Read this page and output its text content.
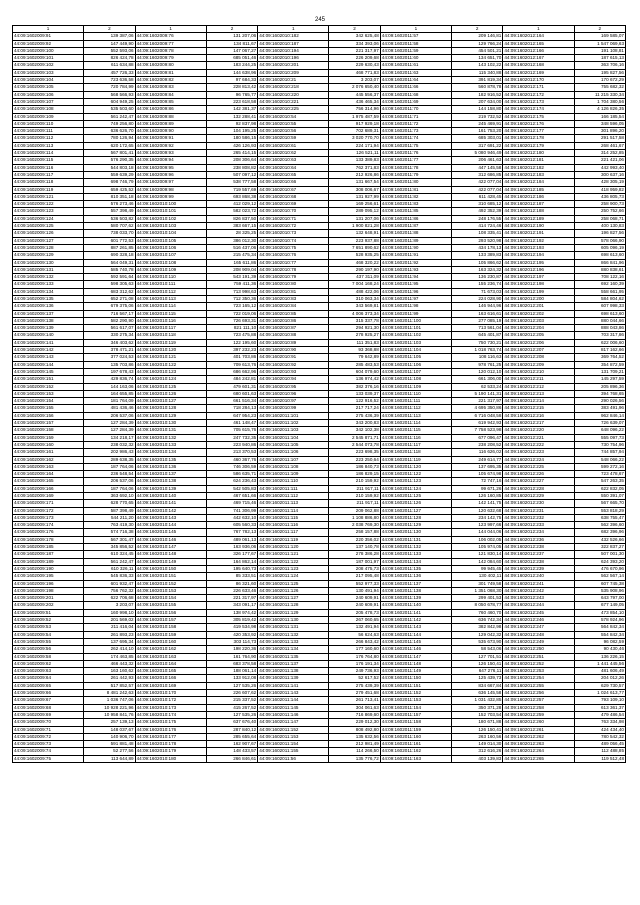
245
1	2	1	2	1	2	1	2	1	2
44:09:1602009:91	139 387,06	44:09:1602009:76	131 207,06	44:09:1602010:182	342 625,48	44:09:1602011:57	209 146,81	44:09:1602012:164	169 585,07
44:09:1602009:92	147 449,90	44:09:1602009:77	134 811,67	44:09:1602010:187	334 393,06	44:09:1602011:58	129 766,24	44:09:1602012:165	1 547 069,63
44:09:1602009:100	552 593,06	44:09:1602009:78	147 067,27	44:09:1602010:194	221 317,97	44:09:1602011:59	454 501,21	44:09:1602012:166	191 108,81
44:09:1602009:101	826 424,78	44:09:1602009:79	685 051,46	44:09:1602010:196	226 209,68	44:09:1602011:60	134 651,70	44:09:1602012:167	187 615,13
44:09:1602009:102	611 634,88	44:09:1602009:80	183 244,25	44:09:1602010:201	229 630,43	44:09:1602011:61	143 102,22	44:09:1602012:168	363 706,16
44:09:1602009:103	457 726,33	44:09:1602009:81	144 638,96	44:09:1602010:209	468 771,83	44:09:1602011:63	115 340,88	44:09:1602012:169	195 827,56
44:09:1602009:104	723 636,58	44:09:1602009:82	97 684,33	44:09:1602010:21	3 203,07	44:09:1602011:64	391 819,34	44:09:1602012:170	170 672,29
44:09:1602009:105	720 784,99	44:09:1602009:83	228 813,42	44:09:1602010:218	2 076 650,40	44:09:1602011:66	560 878,78	44:09:1602012:171	755 682,32
44:09:1602009:106	568 566,93	44:09:1602009:84	96 765,77	44:09:1602010:220	445 556,37	44:09:1602011:68	182 916,52	44:09:1602012:172	11 215 330,34
44:09:1602009:107	604 949,25	44:09:1602009:85	223 618,58	44:09:1602010:221	436 465,34	44:09:1602011:69	207 634,00	44:09:1602012:173	1 704 380,56
44:09:1602009:108	535 503,60	44:09:1602009:86	142 381,37	44:09:1602010:225	756 314,96	44:09:1602011:70	144 158,80	44:09:1602012:174	4 126 826,35
44:09:1602009:109	561 242,47	44:09:1602009:88	132 288,41	44:09:1602010:54	1 975 487,59	44:09:1602011:71	219 732,52	44:09:1602012:175	166 185,54
44:09:1602009:110	749 256,80	44:09:1602009:89	92 837,98	44:09:1602010:55	917 929,18	44:09:1602011:72	245 469,91	44:09:1602012:176	348 596,05
44:09:1602009:111	636 626,70	44:09:1602009:90	104 195,25	44:09:1602010:56	702 689,31	44:09:1602011:73	161 753,20	44:09:1602012:177	301 896,20
44:09:1602009:112	780 126,94	44:09:1602009:91	180 586,15	44:09:1602010:59	3 020 770,70	44:09:1602011:74	685 303,01	44:09:1602012:178	291 517,58
44:09:1602009:113	620 172,65	44:09:1602009:92	426 126,93	44:09:1602010:61	224 171,94	44:09:1602011:75	317 691,22	44:09:1602012:179	268 461,67
44:09:1602009:114	567 801,41	44:09:1602009:93	265 414,15	44:09:1602010:62	126 521,11	44:09:1602011:76	5 080 946,49	44:09:1602012:180	314 252,85
44:09:1602009:115	576 290,35	44:09:1602009:94	208 306,64	44:09:1602010:63	133 389,83	44:09:1602011:77	206 461,63	44:09:1602012:181	221 421,06
44:09:1602009:116	544 803,18	44:09:1602009:95	238 808,82	44:09:1602010:64	762 371,83	44:09:1602011:78	447 145,58	44:09:1602012:182	442 993,40
44:09:1602009:117	559 639,29	44:09:1602009:96	507 097,12	44:09:1602010:65	212 926,86	44:09:1602011:79	312 686,85	44:09:1602012:183	300 637,16
44:09:1602009:118	698 746,79	44:09:1602009:97	538 777,58	44:09:1602010:66	131 667,54	44:09:1602011:80	422 077,04	44:09:1602012:184	428 305,19
44:09:1602009:119	659 425,52	44:09:1602009:98	719 557,69	44:09:1602010:67	308 006,67	44:09:1602011:81	422 077,04	44:09:1602012:185	418 959,82
44:09:1602009:121	810 351,18	44:09:1602009:99	693 868,38	44:09:1602010:68	131 927,99	44:09:1602011:82	611 428,45	44:09:1602012:186	436 805,73
44:09:1602009:122	576 273,46	44:09:1602010:100	412 029,12	44:09:1602010:69	169 256,61	44:09:1602011:83	310 685,12	44:09:1602012:187	258 900,73
44:09:1602009:123	557 398,49	44:09:1602010:101	582 023,72	44:09:1602010:70	289 095,12	44:09:1602011:85	492 352,39	44:09:1602012:188	250 752,66
44:09:1602009:124	536 503,82	44:09:1602010:102	826 837,50	44:09:1602010:71	131 207,06	44:09:1602011:86	248 176,55	44:09:1602012:189	258 068,71
44:09:1602009:125	580 707,62	44:09:1602010:103	383 667,15	44:09:1602010:72	1 900 821,28	44:09:1602011:87	414 724,46	44:09:1602012:190	400 130,83
44:09:1602009:126	738 033,70	44:09:1602010:104	28 325,25	44:09:1602010:73	132 648,91	44:09:1602011:88	108 335,41	44:09:1602012:191	196 827,56
44:09:1602009:127	601 772,53	44:09:1602010:105	386 012,30	44:09:1602010:74	223 937,88	44:09:1602011:89	293 520,98	44:09:1602012:192	578 066,90
44:09:1602009:128	887 261,85	44:09:1602010:106	516 437,06	44:09:1602010:75	7 651 890,62	44:09:1602011:90	434 178,13	44:09:1602012:193	605 096,19
44:09:1602009:129	690 328,18	44:09:1602010:107	215 475,34	44:09:1602010:76	528 935,25	44:09:1602011:91	133 389,83	44:09:1602012:194	698 613,60
44:09:1602009:130	564 049,31	44:09:1602010:108	165 611,86	44:09:1602010:77	468 320,22	44:09:1602011:92	105 866,62	44:09:1602012:195	866 841,96
44:09:1602009:131	585 740,78	44:09:1602010:109	208 909,04	44:09:1602010:78	290 197,90	44:09:1602011:93	163 324,32	44:09:1602012:196	880 838,61
44:09:1602009:132	592 591,64	44:09:1602010:110	543 191,39	44:09:1602010:79	437 311,09	44:09:1602011:94	136 230,87	44:09:1602012:197	708 122,16
44:09:1602009:133	598 305,63	44:09:1602010:111	759 411,36	44:09:1602010:80	7 004 168,24	44:09:1602011:95	155 236,74	44:09:1602012:198	692 160,39
44:09:1602009:134	683 312,62	44:09:1602010:112	713 998,63	44:09:1602010:81	488 422,06	44:09:1602011:96	71 673,03	44:09:1602012:199	558 661,95
44:09:1602009:135	652 271,08	44:09:1602010:113	712 350,36	44:09:1602010:83	310 063,34	44:09:1602011:97	224 028,90	44:09:1602012:200	584 804,62
44:09:1602009:136	679 375,06	44:09:1602010:114	723 165,12	44:09:1602010:84	343 569,81	44:09:1602011:98	146 944,96	44:09:1602012:201	607 998,33
44:09:1602009:137	716 567,17	44:09:1602010:115	722 019,06	44:09:1602010:85	4 006 373,34	44:09:1602011:99	163 616,61	44:09:1602012:202	698 613,60
44:09:1602009:138	582 290,90	44:09:1602010:116	726 693,31	44:09:1602010:86	315 337,78	44:09:1602011:100	277 085,19	44:09:1602012:203	880 044,66
44:09:1602009:139	561 617,07	44:09:1602010:117	821 111,10	44:09:1602010:87	294 921,30	44:09:1602011:101	713 561,04	44:09:1602012:204	888 043,86
44:09:1602009:140	330 275,34	44:09:1602010:118	723 475,88	44:09:1602010:88	278 925,27	44:09:1602011:102	645 401,87	44:09:1602012:205	703 317,86
44:09:1602009:141	346 403,62	44:09:1602010:119	122 195,60	44:09:1602010:89	111 351,83	44:09:1602011:103	750 730,21	44:09:1602012:206	622 006,60
44:09:1602009:142	378 471,21	44:09:1602010:120	397 232,23	44:09:1602010:90	93 368,88	44:09:1602011:104	1 018 763,74	44:09:1602012:207	817 162,66
44:09:1602009:143	377 024,53	44:09:1602010:121	401 703,86	44:09:1602010:91	79 642,89	44:09:1602011:105	108 116,63	44:09:1602012:208	369 764,52
44:09:1602009:144	135 703,86	44:09:1602010:122	709 613,76	44:09:1602010:92	285 483,53	44:09:1602011:106	978 761,25	44:09:1602012:209	354 872,59
44:09:1602009:145	197 678,43	44:09:1602010:123	686 662,96	44:09:1602010:93	604 079,60	44:09:1602011:107	120 012,10	44:09:1602012:210	131 709,21
44:09:1602009:151	429 836,74	44:09:1602010:124	484 242,81	44:09:1602010:94	136 974,42	44:09:1602011:108	661 306,00	44:09:1602012:211	145 297,59
44:09:1602009:152	144 163,06	44:09:1602010:125	479 601,31	44:09:1602010:95	382 376,16	44:09:1602011:109	62 533,24	44:09:1602012:212	205 896,36
44:09:1602009:153	164 655,85	44:09:1602010:126	680 601,63	44:09:1602010:96	133 039,37	44:09:1602011:110	5 190 141,31	44:09:1602012:213	394 768,65
44:09:1602009:154	181 764,09	44:09:1602010:127	661 516,34	44:09:1602010:97	122 916,52	44:09:1602011:111	221 317,97	44:09:1602012:214	290 026,56
44:09:1602009:155	481 436,46	44:09:1602010:128	718 284,13	44:09:1602010:99	217 717,24	44:09:1602011:112	4 695 350,86	44:09:1602012:215	383 491,96
44:09:1602009:156	206 537,06	44:09:1602010:129	647 954,23	44:09:1602011:101	275 436,39	44:09:1602011:113	6 716 048,58	44:09:1602012:216	962 846,14
44:09:1602009:157	127 284,39	44:09:1602010:130	461 148,47	44:09:1602011:102	343 200,83	44:09:1602011:114	619 942,93	44:09:1602012:217	726 639,07
44:09:1602009:158	127 284,39	44:09:1602010:131	705 615,76	44:09:1602011:103	342 102,38	44:09:1602011:115	7 758 523,98	44:09:1602012:220	648 096,22
44:09:1602009:159	134 218,17	44:09:1602010:132	247 732,35	44:09:1602011:104	2 545 871,71	44:09:1602011:116	677 096,47	44:09:1602012:221	555 097,73
44:09:1602009:160	238 032,32	44:09:1602010:133	223 940,86	44:09:1602011:105	2 544 073,78	44:09:1602011:117	238 208,52	44:09:1602012:222	730 754,96
44:09:1602009:161	202 986,43	44:09:1602010:134	213 370,53	44:09:1602011:106	223 698,35	44:09:1602011:118	116 626,02	44:09:1602012:223	744 857,94
44:09:1602009:162	289 638,35	44:09:1602010:135	460 367,76	44:09:1602011:107	223 250,64	44:09:1602011:119	249 614,77	44:09:1602012:224	548 066,22
44:09:1602009:163	187 764,06	44:09:1602010:136	746 306,59	44:09:1602011:108	186 840,73	44:09:1602011:120	137 695,35	44:09:1602012:225	599 272,16
44:09:1602009:164	236 548,54	44:09:1602010:137	586 635,71	44:09:1602011:109	186 829,15	44:09:1602011:122	105 674,98	44:09:1602012:226	723 478,67
44:09:1602009:165	206 537,06	44:09:1602010:138	624 236,43	44:09:1602011:110	210 159,92	44:09:1602011:123	72 747,16	44:09:1602012:227	547 263,35
44:09:1602009:166	187 764,06	44:09:1602010:139	542 505,83	44:09:1602011:111	211 917,11	44:09:1602011:124	99 671,26	44:09:1602012:228	622 832,05
44:09:1602009:169	363 692,10	44:09:1602010:140	467 651,66	44:09:1602011:112	210 159,92	44:09:1602011:125	126 160,85	44:09:1602012:229	550 391,07
44:09:1602009:171	628 770,65	44:09:1602010:141	469 715,46	44:09:1602011:113	211 917,11	44:09:1602011:126	142 141,75	44:09:1602012:230	567 665,70
44:09:1602009:172	587 398,49	44:09:1602010:142	741 306,99	44:09:1602011:114	209 062,88	44:09:1602011:127	120 632,68	44:09:1602012:231	553 818,29
44:09:1602009:173	544 211,20	44:09:1602010:143	442 632,10	44:09:1602011:115	1 108 886,80	44:09:1602011:128	234 142,75	44:09:1602012:232	638 755,47
44:09:1602009:174	763 419,30	44:09:1602010:144	605 560,33	44:09:1602011:116	2 038 769,30	44:09:1602011:129	123 997,66	44:09:1602012:233	562 396,60
44:09:1602009:176	574 716,38	44:09:1602010:145	767 782,13	44:09:1602011:117	258 157,88	44:09:1602011:130	144 044,06	44:09:1602012:234	682 396,96
44:09:1602009:178	567 301,47	44:09:1602010:146	489 061,13	44:09:1602011:119	220 356,02	44:09:1602011:131	106 002,05	44:09:1602012:236	432 526,66
44:09:1602009:185	345 856,52	44:09:1602010:147	163 936,06	44:09:1602011:120	137 140,78	44:09:1602011:132	105 974,05	44:09:1602012:238	322 837,27
44:09:1602009:187	610 324,45	44:09:1602010:148	326 177,67	44:09:1602011:121	278 386,28	44:09:1602011:133	121 830,14	44:09:1602012:237	507 001,30
44:09:1602009:189	561 242,47	44:09:1602010:149	164 862,14	44:09:1602011:122	187 001,97	44:09:1602011:134	142 084,60	44:09:1602012:238	624 393,20
44:09:1602009:190	610 326,11	44:09:1602010:150	195 640,73	44:09:1602011:123	208 475,73	44:09:1602011:135	99 945,45	44:09:1602012:239	476 670,96
44:09:1602009:195	545 836,33	44:09:1602010:151	85 333,51	44:09:1602011:124	217 095,48	44:09:1602011:136	130 402,11	44:09:1602012:240	562 567,14
44:09:1602009:196	601 932,47	44:09:1602010:152	86 321,60	44:09:1602011:125	552 977,33	44:09:1602011:137	301 749,58	44:09:1602012:241	607 745,38
44:09:1602009:198	756 762,32	44:09:1602010:153	226 633,46	44:09:1602011:126	130 491,94	44:09:1602011:138	1 351 068,30	44:09:1602012:242	535 908,96
44:09:1602009:201	622 706,68	44:09:1602010:154	221 317,97	44:09:1602011:127	240 609,91	44:09:1602011:139	299 401,53	44:09:1602012:243	643 797,00
44:09:1602009:202	3 203,07	44:09:1602010:155	343 091,17	44:09:1602011:128	240 609,91	44:09:1602011:140	8 050 678,77	44:09:1602012:244	677 149,05
44:09:1602009:51	160 998,10	44:09:1602010:156	138 974,42	44:09:1602011:129	205 478,73	44:09:1602011:141	760 460,70	44:09:1602012:245	473 854,10
44:09:1602009:52	201 569,02	44:09:1602010:157	305 819,42	44:09:1602011:130	267 060,65	44:09:1602011:142	636 742,34	44:09:1602012:246	578 924,96
44:09:1602009:53	211 416,04	44:09:1602010:158	419 534,98	44:09:1602011:131	132 491,94	44:09:1602011:143	382 842,98	44:09:1602012:247	564 842,34
44:09:1602009:54	261 893,23	44:09:1602010:159	420 353,92	44:09:1602011:132	56 624,63	44:09:1602011:144	129 042,32	44:09:1602012:248	554 842,34
44:09:1602009:55	137 695,34	44:09:1602010:160	303 114,73	44:09:1602011:133	266 843,42	44:09:1602011:145	535 673,90	44:09:1602012:249	96 082,59
44:09:1602009:56	262 414,10	44:09:1602010:162	198 220,36	44:09:1602011:134	177 160,60	44:09:1602011:146	58 543,06	44:09:1602012:250	90 430,46
44:09:1602009:58	174 463,85	44:09:1602010:163	161 764,90	44:09:1602011:135	176 764,80	44:09:1602011:147	127 701,51	44:09:1602012:251	136 226,15
44:09:1602009:62	466 443,32	44:09:1602010:164	683 378,58	44:09:1602011:137	176 191,34	44:09:1602011:148	126 150,41	44:09:1602012:252	1 441 445,56
44:09:1602009:63	163 160,62	44:09:1602010:165	188 061,14	44:09:1602011:138	249 736,93	44:09:1602011:149	647 276,11	44:09:1602012:253	481 606,49
44:09:1602009:64	261 442,93	44:09:1602010:166	133 912,08	44:09:1602011:139	52 617,52	44:09:1602011:150	125 439,73	44:09:1602012:254	204 012,26
44:09:1602009:65	517 852,57	44:09:1602010:169	127 535,26	44:09:1602011:141	275 439,39	44:09:1602011:151	834 667,84	44:09:1602012:255	629 730,57
44:09:1602009:66	8 481 242,63	44:09:1602010:170	226 607,62	44:09:1602011:143	279 451,68	44:09:1602011:152	636 145,58	44:09:1602012:256	1 024 613,77
44:09:1602009:67	1 036 747,06	44:09:1602010:172	215 337,52	44:09:1602011:144	261 713,41	44:09:1602011:153	1 031 432,85	44:09:1602012:257	793 109,10
44:09:1602009:68	10 928 221,96	44:09:1602010:173	415 267,52	44:09:1602011:145	304 061,63	44:09:1602011:154	350 371,28	44:09:1602012:258	613 361,37
44:09:1602009:69	10 958 841,76	44:09:1602010:174	127 535,26	44:09:1602011:146	716 869,60	44:09:1602011:157	152 703,54	44:09:1602012:259	479 486,54
44:09:1602009:70	257 139,13	44:09:1602010:175	637 676,40	44:09:1602011:147	229 012,30	44:09:1602011:158	180 671,88	44:09:1602012:260	763 334,98
44:09:1602009:71	148 037,67	44:09:1602010:176	287 840,12	44:09:1602011:152	808 492,80	44:09:1602011:159	126 150,41	44:09:1602012:261	424 434,40
44:09:1602009:72	140 906,70	44:09:1602010:177	285 655,64	44:09:1602011:153	135 632,56	44:09:1602011:160	263 160,56	44:09:1602012:262	780 542,32
44:09:1602009:73	591 881,48	44:09:1602010:178	162 907,67	44:09:1602011:154	212 981,49	44:09:1602011:161	149 014,30	44:09:1602012:263	489 056,45
44:09:1602009:74	52 277,56	44:09:1602010:179	148 433,57	44:09:1602011:155	114 266,50	44:09:1602011:162	312 616,26	44:09:1602012:264	112 488,85
44:09:1602009:75	113 644,89	44:09:1602010:180	266 846,61	44:09:1602011:56	135 776,72	44:09:1602011:163	403 139,83	44:09:1602012:265	119 512,48
